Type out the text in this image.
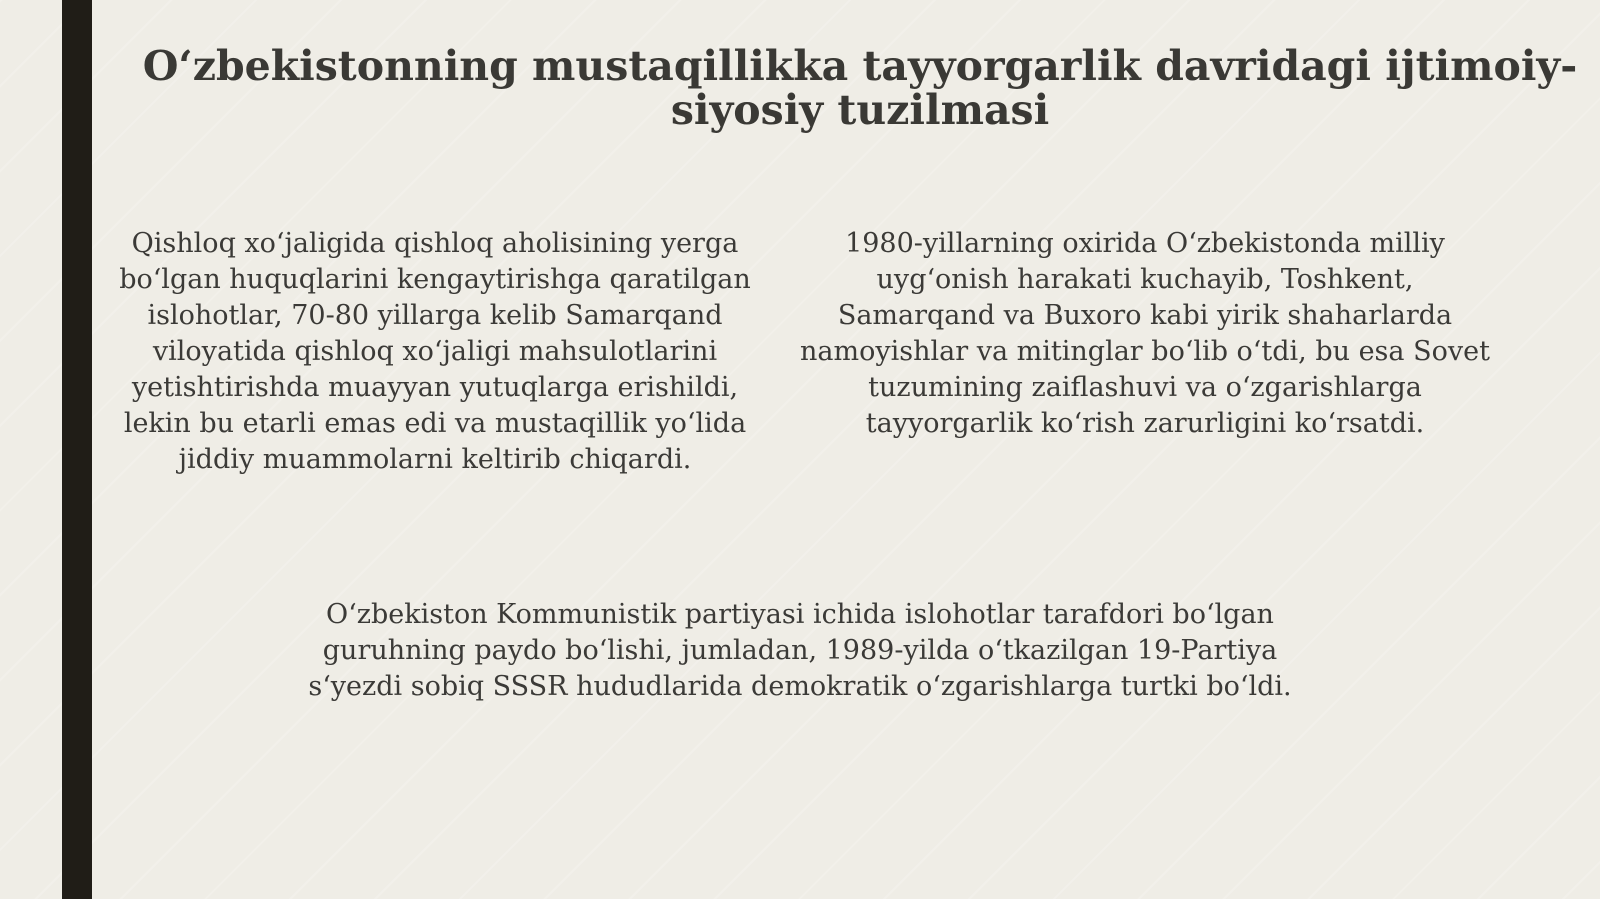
O‘zbekistonning mustaqillikka tayyorgarlik davridagi ijtimoiy-siyosiy tuzilmasi

Qishloq xo‘jaligida qishloq aholisining yerga bo‘lgan huquqlarini kengaytirishga qaratilgan islohotlar, 70-80 yillarga kelib Samarqand viloyatida qishloq xo‘jaligi mahsulotlarini yetishtirishda muayyan yutuqlarga erishildi, lekin bu etarli emas edi va mustaqillik yo‘lida jiddiy muammolarni keltirib chiqardi.

1980-yillarning oxirida O‘zbekistonda milliy uyg‘onish harakati kuchayib, Toshkent, Samarqand va Buxoro kabi yirik shaharlarda namoyishlar va mitinglar bo‘lib o‘tdi, bu esa Sovet tuzumining zaiflashuvi va o‘zgarishlarga tayyorgarlik ko‘rish zarurligini ko‘rsatdi.

O‘zbekiston Kommunistik partiyasi ichida islohotlar tarafdori bo‘lgan guruhning paydo bo‘lishi, jumladan, 1989-yilda o‘tkazilgan 19-Partiya s‘yezdi sobiq SSSR hududlarida demokratik o‘zgarishlarga turtki bo‘ldi.
